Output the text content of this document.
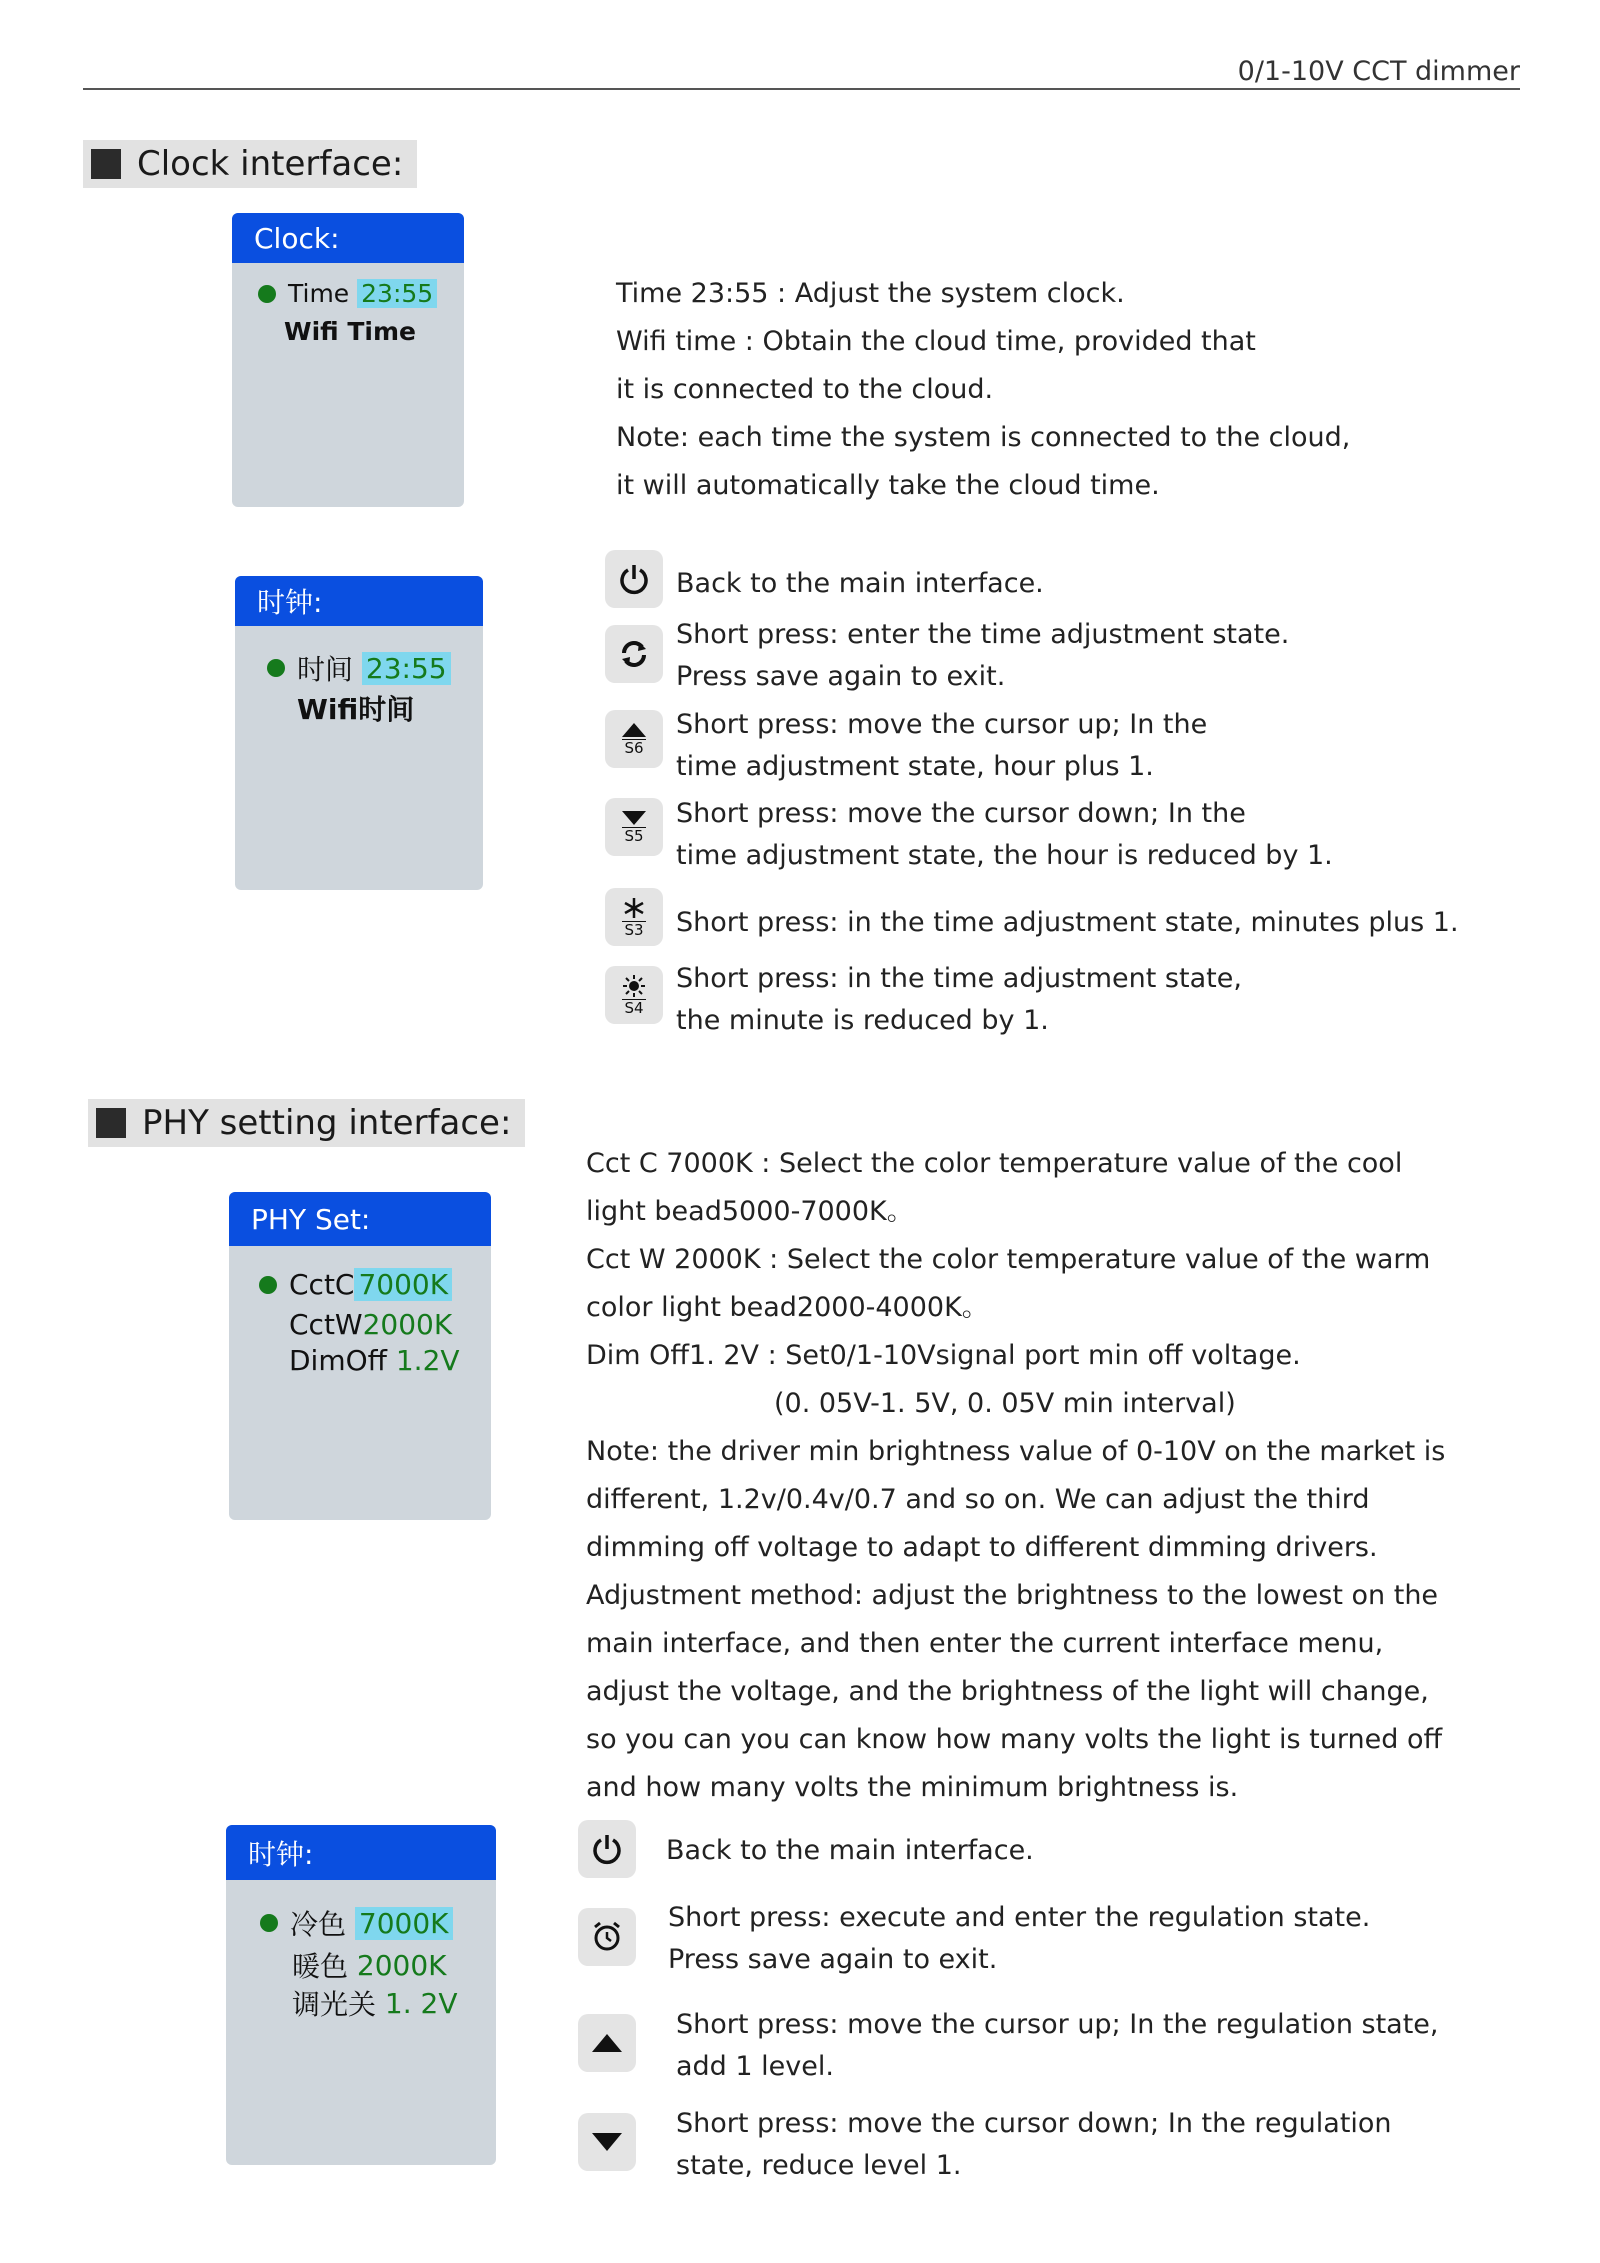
0/1-10V CCT dimmer
Clock interface:
Clock:
Time
23:55
Wifi Time
Time 23:55 : Adjust the system clock.
Wifi time : Obtain the cloud time, provided that
it is connected to the cloud.
Note: each time the system is connected to the cloud,
it will automatically take the cloud time.
时钟:
时间
23:55
Wifi时间
Back to the main interface.
Short press: enter the time adjustment state.
Press save again to exit.
S6
Short press: move the cursor up; In the
time adjustment state, hour plus 1.
S5
Short press: move the cursor down; In the
time adjustment state, the hour is reduced by 1.
S3 Short press: in the time adjustment state, minutes plus 1.
S4
Short press: in the time adjustment state,
the minute is reduced by 1.
PHY setting interface:
PHY Set:
CctC 7000K
CctW 2000K
DimOff
1.2V
Cct C 7000K : Select the color temperature value of the cool
light bead5000-7000K。
Cct W 2000K : Select the color temperature value of the warm
color light bead2000-4000K。
Dim Off1. 2V : Set0/1-10Vsignal port min off voltage.
(0. 05V-1. 5V, 0. 05V min interval)
Note: the driver min brightness value of 0-10V on the market is
different, 1.2v/0.4v/0.7 and so on. We can adjust the third
dimming off voltage to adapt to different dimming drivers.
Adjustment method: adjust the brightness to the lowest on the
main interface, and then enter the current interface menu,
adjust the voltage, and the brightness of the light will change,
so you can you can know how many volts the light is turned off
and how many volts the minimum brightness is.
时钟:
冷色
7000K
暖色
2000K
调光关
1. 2V
Back to the main interface.
Short press: execute and enter the regulation state.
Press save again to exit.
Short press: move the cursor up; In the regulation state,
add 1 level.
Short press: move the cursor down; In the regulation
state, reduce level 1.
